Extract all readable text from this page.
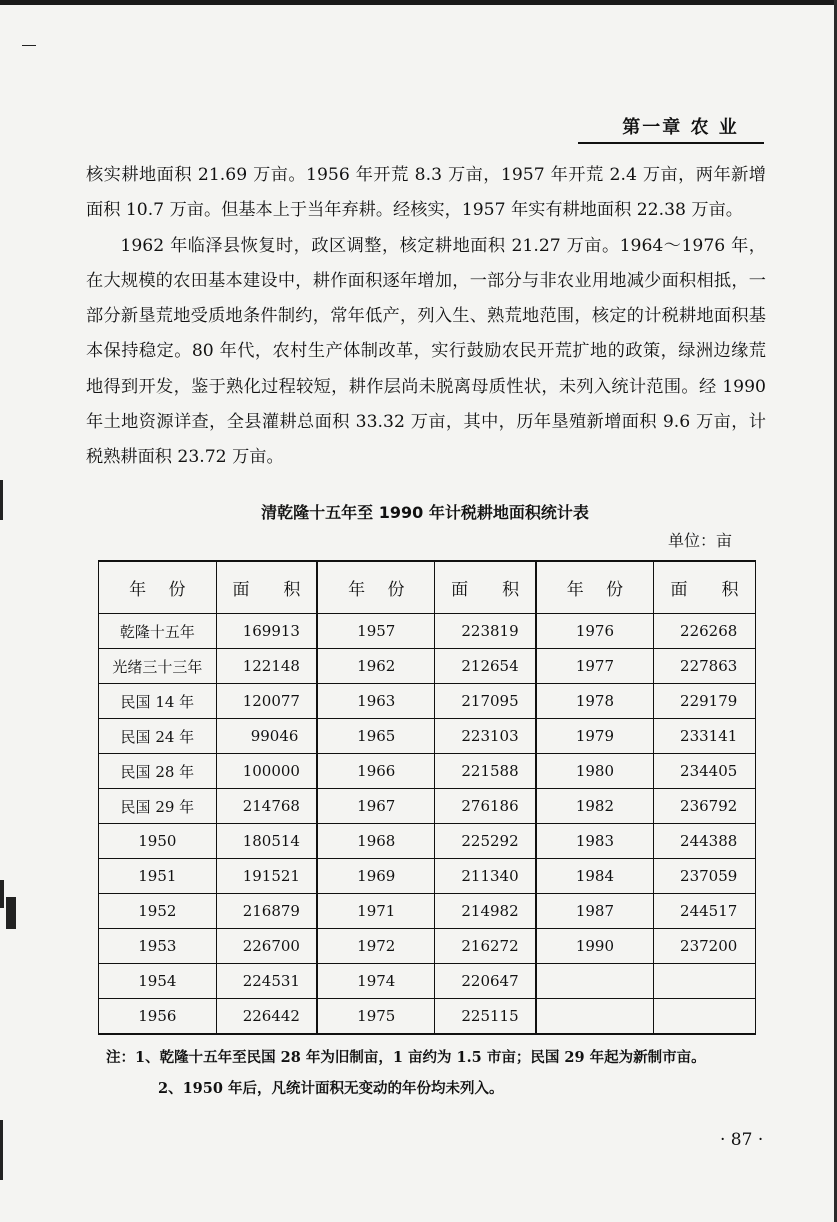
第一章 农 业

核实耕地面积 21.69 万亩。1956 年开荒 8.3 万亩，1957 年开荒 2.4 万亩，两年新增面积 10.7 万亩。但基本上于当年弃耕。经核实，1957 年实有耕地面积 22.38 万亩。

1962 年临泽县恢复时，政区调整，核定耕地面积 21.27 万亩。1964～1976 年，在大规模的农田基本建设中，耕作面积逐年增加，一部分与非农业用地减少面积相抵，一部分新垦荒地受质地条件制约，常年低产，列入生、熟荒地范围，核定的计税耕地面积基本保持稳定。80 年代，农村生产体制改革，实行鼓励农民开荒扩地的政策，绿洲边缘荒地得到开发，鉴于熟化过程较短，耕作层尚未脱离母质性状，未列入统计范围。经 1990 年土地资源详查，全县灌耕总面积 33.32 万亩，其中，历年垦殖新增面积 9.6 万亩，计税熟耕面积 23.72 万亩。

清乾隆十五年至 1990 年计税耕地面积统计表
单位：亩
年　 份	面　　积	年　 份	面　　积	年　 份	面　　积
乾隆十五年	169913	1957	223819	1976	226268
光绪三十三年	122148	1962	212654	1977	227863
民国 14 年	120077	1963	217095	1978	229179
民国 24 年	99046	1965	223103	1979	233141
民国 28 年	100000	1966	221588	1980	234405
民国 29 年	214768	1967	276186	1982	236792
1950	180514	1968	225292	1983	244388
1951	191521	1969	211340	1984	237059
1952	216879	1971	214982	1987	244517
1953	226700	1972	216272	1990	237200
1954	224531	1974	220647		
1956	226442	1975	225115		
注：1、乾隆十五年至民国 28 年为旧制亩，1 亩约为 1.5 市亩；民国 29 年起为新制市亩。
2、1950 年后，凡统计面积无变动的年份均未列入。
· 87 ·
